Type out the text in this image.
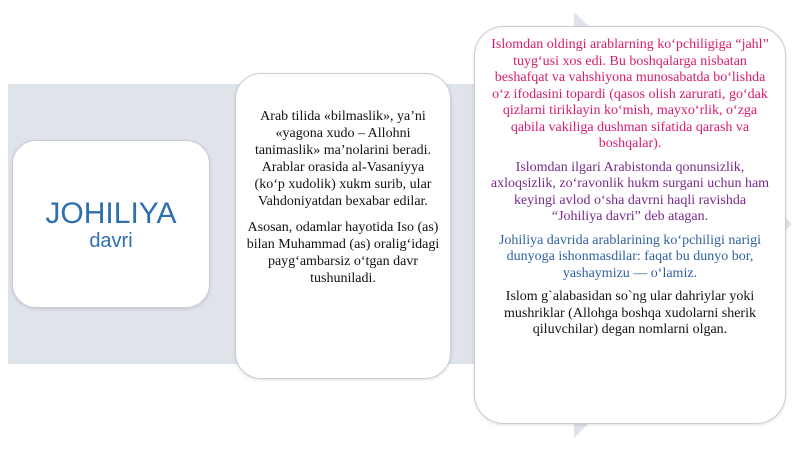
JOHILIYA
davri

Arab tilida «bilmaslik», ya’ni «yagona xudo – Allohni tanimaslik» ma’nolarini beradi. Arablar orasida al-Vasaniyya (ko‘p xudolik) xukm surib, ular Vahdoniyatdan bexabar edilar.

Asosan, odamlar hayotida Iso (as) bilan Muhammad (as) oralig‘idagi payg‘ambarsiz o‘tgan davr tushuniladi.

Islomdan oldingi arablarning ko‘pchiligiga “jahl” tuyg‘usi xos edi. Bu boshqalarga nisbatan beshafqat va vahshiyona munosabatda bo‘lishda o‘z ifodasini topardi (qasos olish zarurati, go‘dak qizlarni tiriklayin ko‘mish, mayxo‘rlik, o‘zga qabila vakiliga dushman sifatida qarash va boshqalar).

Islomdan ilgari Arabistonda qonunsizlik, axloqsizlik, zo‘ravonlik hukm surgani uchun ham keyingi avlod o‘sha davrni haqli ravishda “Johiliya davri” deb atagan.

Johiliya davrida arablarining ko‘pchiligi narigi dunyoga ishonmasdilar: faqat bu dunyo bor, yashaymizu — o‘lamiz.

Islom g`alabasidan so`ng ular dahriylar yoki mushriklar (Allohga boshqa xudolarni sherik qiluvchilar) degan nomlarni olgan.
